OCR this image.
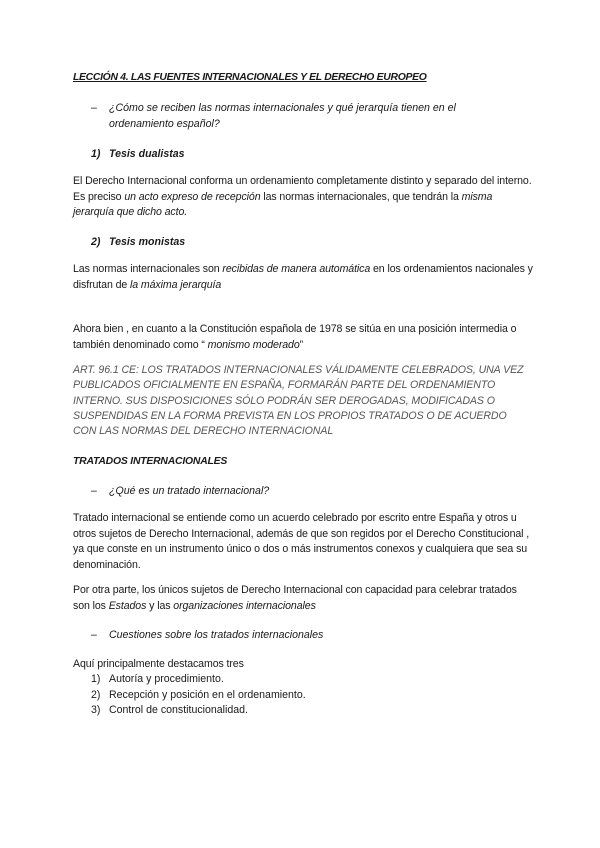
LECCIÓN 4. LAS FUENTES INTERNACIONALES Y EL DERECHO EUROPEO
– ¿Cómo se reciben las normas internacionales y qué jerarquía tienen en el ordenamiento español?
1) Tesis dualistas
El Derecho Internacional conforma un ordenamiento completamente distinto y separado del interno. Es preciso un acto expreso de recepción las normas internacionales, que tendrán la misma jerarquía que dicho acto.
2) Tesis monistas
Las normas internacionales son recibidas de manera automática en los ordenamientos nacionales y disfrutan de la máxima jerarquía
Ahora bien , en cuanto a la Constitución española de 1978 se sitúa en una posición intermedia o también denominado como “ monismo moderado”
ART. 96.1 CE: LOS TRATADOS INTERNACIONALES VÁLIDAMENTE CELEBRADOS, UNA VEZ PUBLICADOS OFICIALMENTE EN ESPAÑA, FORMARÁN PARTE DEL ORDENAMIENTO INTERNO. SUS DISPOSICIONES SÓLO PODRÁN SER DEROGADAS, MODIFICADAS O SUSPENDIDAS EN LA FORMA PREVISTA EN LOS PROPIOS TRATADOS O DE ACUERDO CON LAS NORMAS DEL DERECHO INTERNACIONAL
TRATADOS INTERNACIONALES
– ¿Qué es un tratado internacional?
Tratado internacional se entiende como un acuerdo celebrado por escrito entre España y otros u otros sujetos de Derecho Internacional, además de que son regidos por el Derecho Constitucional , ya que conste en un instrumento único o dos o más instrumentos conexos y cualquiera que sea su denominación.
Por otra parte, los únicos sujetos de Derecho Internacional con capacidad para celebrar tratados son los Estados y las organizaciones internacionales
– Cuestiones sobre los tratados internacionales
Aquí principalmente destacamos tres
1) Autoría y procedimiento.
2) Recepción y posición en el ordenamiento.
3) Control de constitucionalidad.
